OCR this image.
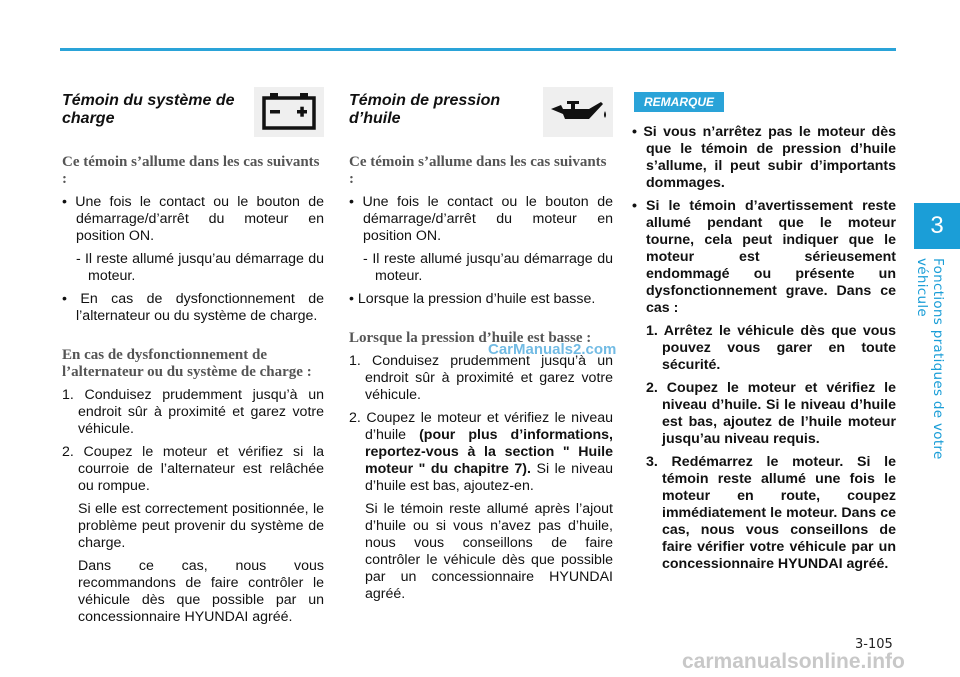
3
Fonctions pratiques de votre véhicule
Témoin du système de charge
Ce témoin s’allume dans les cas suivants :
• Une fois le contact ou le bouton de démarrage/d’arrêt du moteur en position ON.
- Il reste allumé jusqu’au démarrage du moteur.
• En cas de dysfonctionnement de l’alternateur ou du système de charge.
En cas de dysfonctionnement de l’alternateur ou du système de charge :
1. Conduisez prudemment jusqu’à un endroit sûr à proximité et garez votre véhicule.
2. Coupez le moteur et vérifiez si la courroie de l’alternateur est relâchée ou rompue.
Si elle est correctement positionnée, le problème peut provenir du système de charge.
Dans ce cas, nous vous recommandons de faire contrôler le véhicule dès que possible par un concessionnaire HYUNDAI agréé.
Témoin de pression d’huile
Ce témoin s’allume dans les cas suivants :
• Une fois le contact ou le bouton de démarrage/d’arrêt du moteur en position ON.
- Il reste allumé jusqu’au démarrage du moteur.
• Lorsque la pression d’huile est basse.
Lorsque la pression d’huile est basse :
1. Conduisez prudemment jusqu’à un endroit sûr à proximité et garez votre véhicule.
2. Coupez le moteur et vérifiez le niveau d’huile (pour plus d’informations, reportez-vous à la section " Huile moteur " du chapitre 7). Si le niveau d’huile est bas, ajoutez-en.
Si le témoin reste allumé après l’ajout d’huile ou si vous n’avez pas d’huile, nous vous conseillons de faire contrôler le véhicule dès que possible par un concessionnaire HYUNDAI agréé.
REMARQUE
• Si vous n’arrêtez pas le moteur dès que le témoin de pression d’huile s’allume, il peut subir d’importants dommages.
• Si le témoin d’avertissement reste allumé pendant que le moteur tourne, cela peut indiquer que le moteur est sérieusement endommagé ou présente un dysfonctionnement grave. Dans ce cas :
1. Arrêtez le véhicule dès que vous pouvez vous garer en toute sécurité.
2. Coupez le moteur et vérifiez le niveau d’huile. Si le niveau d’huile est bas, ajoutez de l’huile moteur jusqu’au niveau requis.
3. Redémarrez le moteur. Si le témoin reste allumé une fois le moteur en route, coupez immédiatement le moteur. Dans ce cas, nous vous conseillons de faire vérifier votre véhicule par un concessionnaire HYUNDAI agréé.
CarManuals2.com
3-105
carmanualsonline.info
